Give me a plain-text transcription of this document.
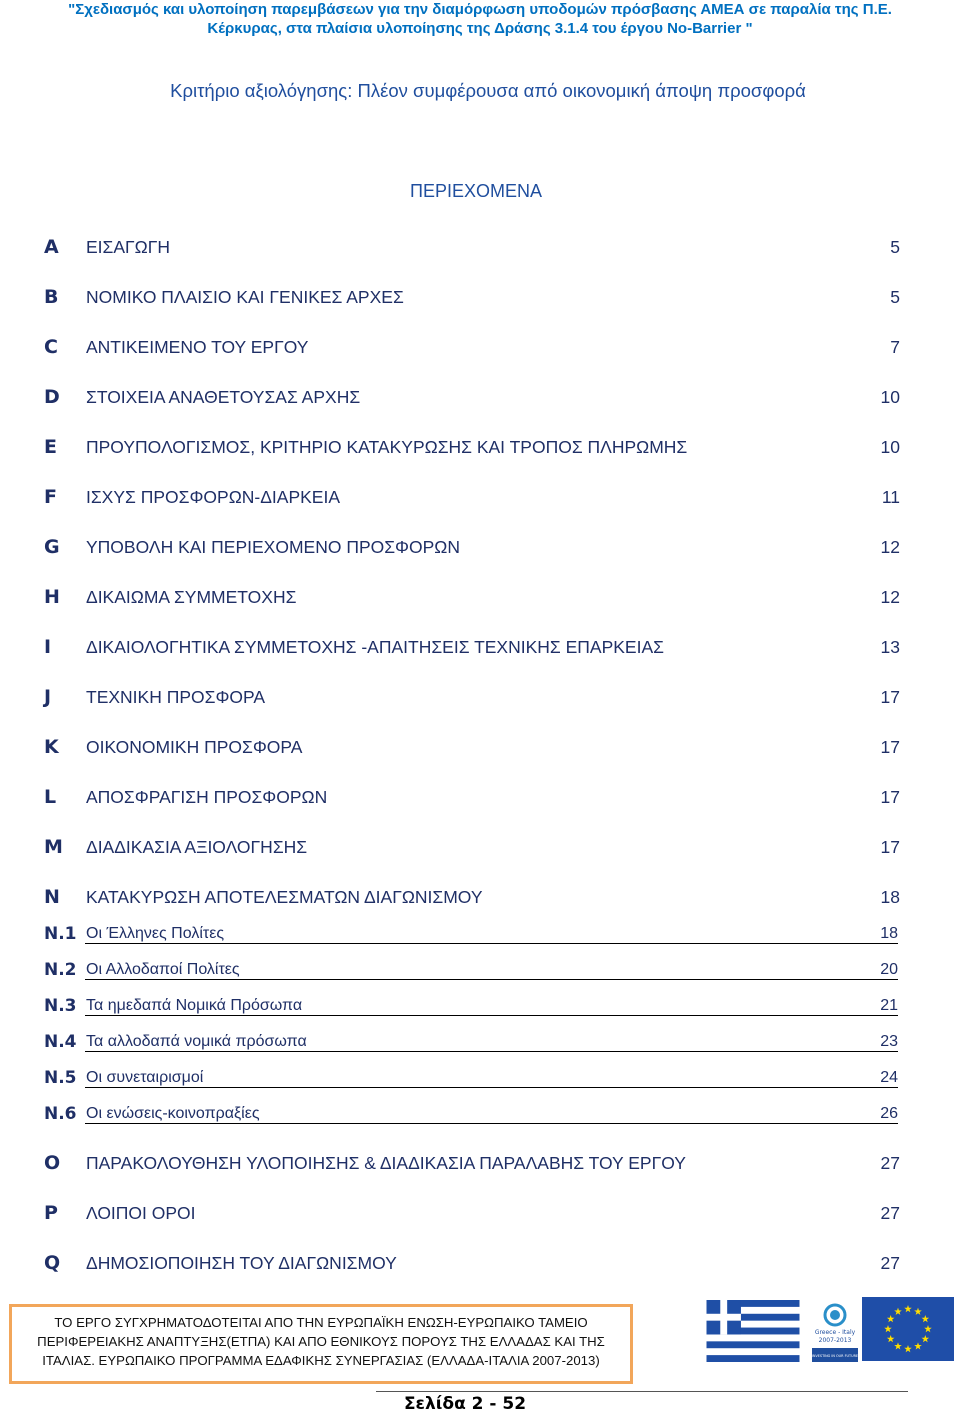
"Σχεδιασμός και υλοποίηση παρεμβάσεων για την διαμόρφωση υποδομών πρόσβασης ΑΜΕΑ σε παραλία της Π.Ε.
Κέρκυρας, στα πλαίσια υλοποίησης της Δράσης 3.1.4 του έργου No-Barrier "
Κριτήριο αξιολόγησης: Πλέον συμφέρουσα από οικονομική άποψη προσφορά
ΠΕΡΙΕΧΟΜΕΝΑ
A	ΕΙΣΑΓΩΓΗ	5
B	ΝΟΜΙΚΟ ΠΛΑΙΣΙΟ ΚΑΙ ΓΕΝΙΚΕΣ ΑΡΧΕΣ	5
C	ΑΝΤΙΚΕΙΜΕΝΟ ΤΟΥ ΕΡΓΟΥ	7
D	ΣΤΟΙΧΕΙΑ ΑΝΑΘΕΤΟΥΣΑΣ ΑΡΧΗΣ	10
E	ΠΡΟΥΠΟΛΟΓΙΣΜΟΣ, ΚΡΙΤΗΡΙΟ ΚΑΤΑΚΥΡΩΣΗΣ ΚΑΙ ΤΡΟΠΟΣ ΠΛΗΡΩΜΗΣ	10
F	ΙΣΧΥΣ ΠΡΟΣΦΟΡΩΝ-ΔΙΑΡΚΕΙΑ	11
G	ΥΠΟΒΟΛΗ ΚΑΙ ΠΕΡΙΕΧΟΜΕΝΟ ΠΡΟΣΦΟΡΩΝ	12
H	ΔΙΚΑΙΩΜΑ ΣΥΜΜΕΤΟΧΗΣ	12
I	ΔΙΚΑΙΟΛΟΓΗΤΙΚΑ ΣΥΜΜΕΤΟΧΗΣ -ΑΠΑΙΤΗΣΕΙΣ ΤΕΧΝΙΚΗΣ ΕΠΑΡΚΕΙΑΣ	13
J	ΤΕΧΝΙΚΗ ΠΡΟΣΦΟΡΑ	17
K	ΟΙΚΟΝΟΜΙΚΗ ΠΡΟΣΦΟΡΑ	17
L	ΑΠΟΣΦΡΑΓΙΣΗ ΠΡΟΣΦΟΡΩΝ	17
M	ΔΙΑΔΙΚΑΣΙΑ ΑΞΙΟΛΟΓΗΣΗΣ	17
N	ΚΑΤΑΚΥΡΩΣΗ ΑΠΟΤΕΛΕΣΜΑΤΩΝ ΔΙΑΓΩΝΙΣΜΟΥ	18
N.1 Οι Έλληνες Πολίτες	18
N.2 Οι Αλλοδαποί Πολίτες	20
N.3 Τα ημεδαπά Νομικά Πρόσωπα	21
N.4 Τα αλλοδαπά νομικά πρόσωπα	23
N.5 Οι συνεταιρισμοί	24
N.6 Οι ενώσεις-κοινοπραξίες	26
O	ΠΑΡΑΚΟΛΟΥΘΗΣΗ ΥΛΟΠΟΙΗΣΗΣ & ΔΙΑΔΙΚΑΣΙΑ ΠΑΡΑΛΑΒΗΣ ΤΟΥ ΕΡΓΟΥ	27
P	ΛΟΙΠΟΙ ΟΡΟΙ	27
Q	ΔΗΜΟΣΙΟΠΟΙΗΣΗ ΤΟΥ ΔΙΑΓΩΝΙΣΜΟΥ	27
ΤΟ ΕΡΓΟ ΣΥΓΧΡΗΜΑΤΟΔΟΤΕΙΤΑΙ ΑΠΟ ΤΗΝ ΕΥΡΩΠΑΪΚΗ ΕΝΩΣΗ-ΕΥΡΩΠΑΙΚΟ ΤΑΜΕΙΟ
ΠΕΡΙΦΕΡΕΙΑΚΗΣ ΑΝΑΠΤΥΞΗΣ(ΕΤΠΑ) ΚΑΙ ΑΠΟ ΕΘΝΙΚΟΥΣ ΠΟΡΟΥΣ ΤΗΣ ΕΛΛΑΔΑΣ ΚΑΙ ΤΗΣ
ΙΤΑΛΙΑΣ. ΕΥΡΩΠΑΙΚΟ ΠΡΟΓΡΑΜΜΑ ΕΔΑΦΙΚΗΣ ΣΥΝΕΡΓΑΣΙΑΣ (ΕΛΛΑΔΑ-ΙΤΑΛΙΑ 2007-2013)
Greece - Italy
2007-2013
INVESTING IN OUR FUTURE
Σελίδα 2 - 52
